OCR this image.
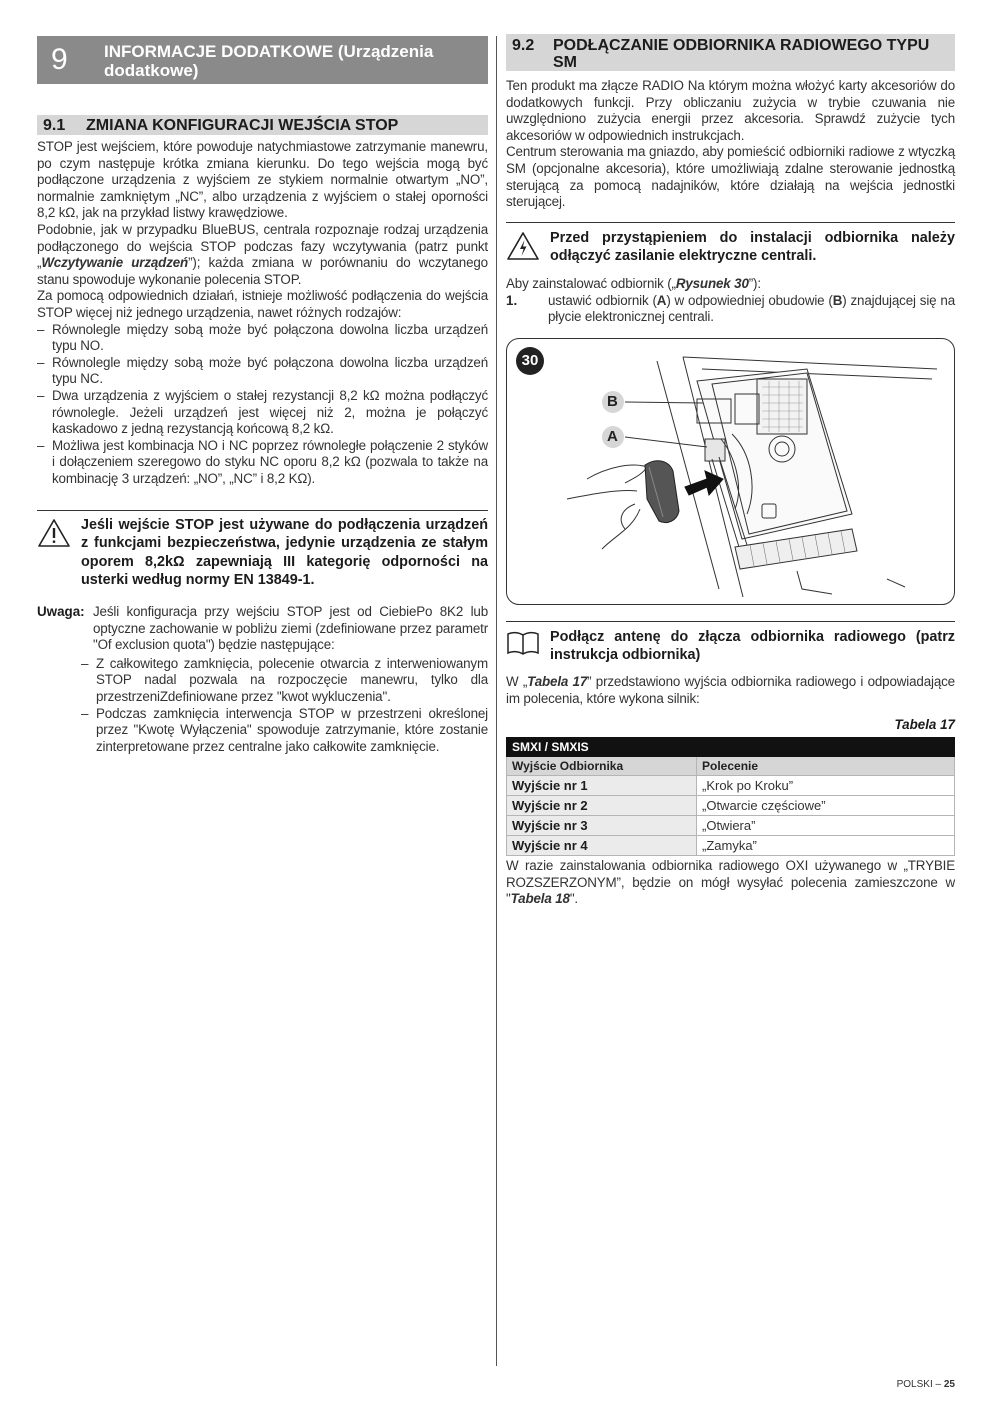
9 INFORMACJE DODATKOWE (Urządzenia dodatkowe)
9.1 ZMIANA KONFIGURACJI WEJŚCIA STOP

STOP jest wejściem, które powoduje natychmiastowe zatrzymanie manewru, po czym następuje krótka zmiana kierunku. Do tego wejścia mogą być podłączone urządzenia z wyjściem ze stykiem normalnie otwartym „NO”, normalnie zamkniętym „NC”, albo urządzenia z wyjściem o stałej oporności 8,2 kΩ, jak na przykład listwy krawędziowe.

Podobnie, jak w przypadku BlueBUS, centrala rozpoznaje rodzaj urządzenia podłączonego do wejścia STOP podczas fazy wczytywania (patrz punkt „Wczytywanie urządzeń”); każda zmiana w porównaniu do wczytanego stanu spowoduje wykonanie polecenia STOP.

Za pomocą odpowiednich działań, istnieje możliwość podłączenia do wejścia STOP więcej niż jednego urządzenia, nawet różnych rodzajów:

– Równolegle między sobą może być połączona dowolna liczba urządzeń typu NO.
– Równolegle między sobą może być połączona dowolna liczba urządzeń typu NC.
– Dwa urządzenia z wyjściem o stałej rezystancji 8,2 kΩ można podłączyć równolegle. Jeżeli urządzeń jest więcej niż 2, można je połączyć kaskadowo z jedną rezystancją końcową 8,2 kΩ.
– Możliwa jest kombinacja NO i NC poprzez równoległe połączenie 2 styków i dołączeniem szeregowo do styku NC oporu 8,2 kΩ (pozwala to także na kombinację 3 urządzeń: „NO”, „NC” i 8,2 KΩ).
Jeśli wejście STOP jest używane do podłączenia urządzeń z funkcjami bezpieczeństwa, jedynie urządzenia ze stałym oporem 8,2kΩ zapewniają III kategorię odporności na usterki według normy EN 13849-1.
Uwaga: Jeśli konfiguracja przy wejściu STOP jest od CiebiePo 8K2 lub optyczne zachowanie w pobliżu ziemi (zdefiniowane przez parametr "Of exclusion quota") będzie następujące:
– Z całkowitego zamknięcia, polecenie otwarcia z interweniowanym STOP nadal pozwala na rozpoczęcie manewru, tylko dla przestrzeniZdefiniowane przez "kwot wykluczenia".
– Podczas zamknięcia interwencja STOP w przestrzeni określonej przez "Kwotę Wyłączenia" spowoduje zatrzymanie, które zostanie zinterpretowane przez centralne jako całkowite zamknięcie.
9.2 PODŁĄCZANIE ODBIORNIKA RADIOWEGO TYPU SM

Ten produkt ma złącze RADIO Na którym można włożyć karty akcesoriów do dodatkowych funkcji. Przy obliczaniu zużycia w trybie czuwania nie uwzględniono zużycia energii przez akcesoria. Sprawdź zużycie tych akcesoriów w odpowiednich instrukcjach.

Centrum sterowania ma gniazdo, aby pomieścić odbiorniki radiowe z wtyczką SM (opcjonalne akcesoria), które umożliwiają zdalne sterowanie jednostką sterującą za pomocą nadajników, które działają na wejścia jednostki sterującej.

Przed przystąpieniem do instalacji odbiornika należy odłączyć zasilanie elektryczne centrali.

Aby zainstalować odbiornik („Rysunek 30”):

1. ustawić odbiornik (A) w odpowiedniej obudowie (B) znajdującej się na płycie elektronicznej centrali.

30
B
A
Podłącz antenę do złącza odbiornika radiowego (patrz instrukcja odbiornika)

W „Tabela 17” przedstawiono wyjścia odbiornika radiowego i odpowiadające im polecenia, które wykona silnik:

Tabela 17
SMXI / SMXIS	
Wyjście Odbiornika	Polecenie
Wyjście nr 1	„Krok po Kroku”
Wyjście nr 2	„Otwarcie częściowe”
Wyjście nr 3	„Otwiera”
Wyjście nr 4	„Zamyka”

W razie zainstalowania odbiornika radiowego OXI używanego w „TRYBIE ROZSZERZONYM”, będzie on mógł wysyłać polecenia zamieszczone w "Tabela 18".

POLSKI – 25
